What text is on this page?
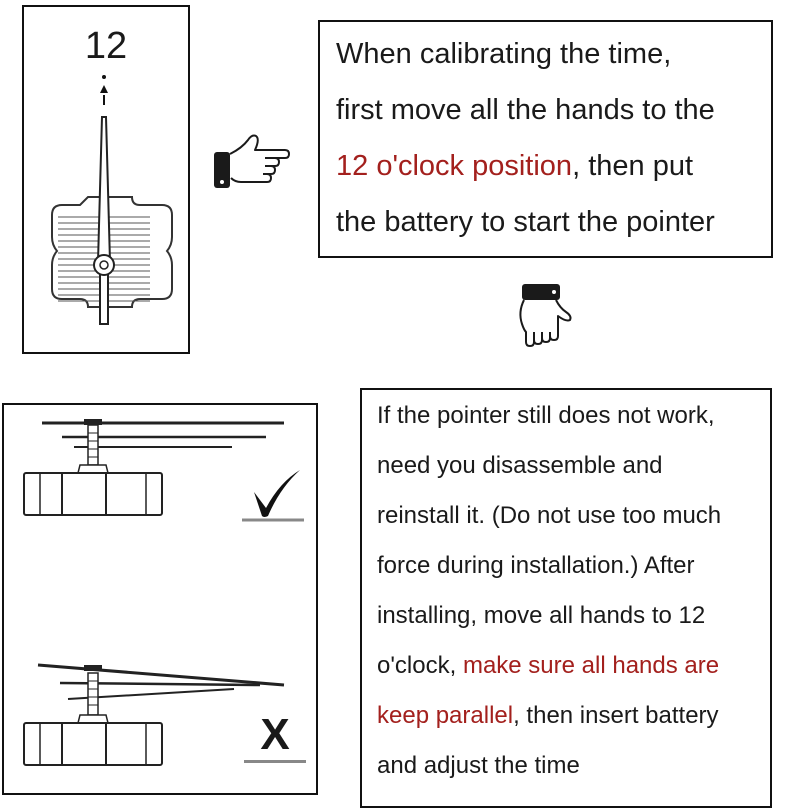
12	When calibrating the time,
first move all the hands to the
12 o'clock position, then put
the battery to start the pointer
X
If the pointer still does not work,
need you disassemble and
reinstall it. (Do not use too much
force during installation.) After
installing, move all hands to 12
o'clock, make sure all hands are
keep parallel, then insert battery
and adjust the time
